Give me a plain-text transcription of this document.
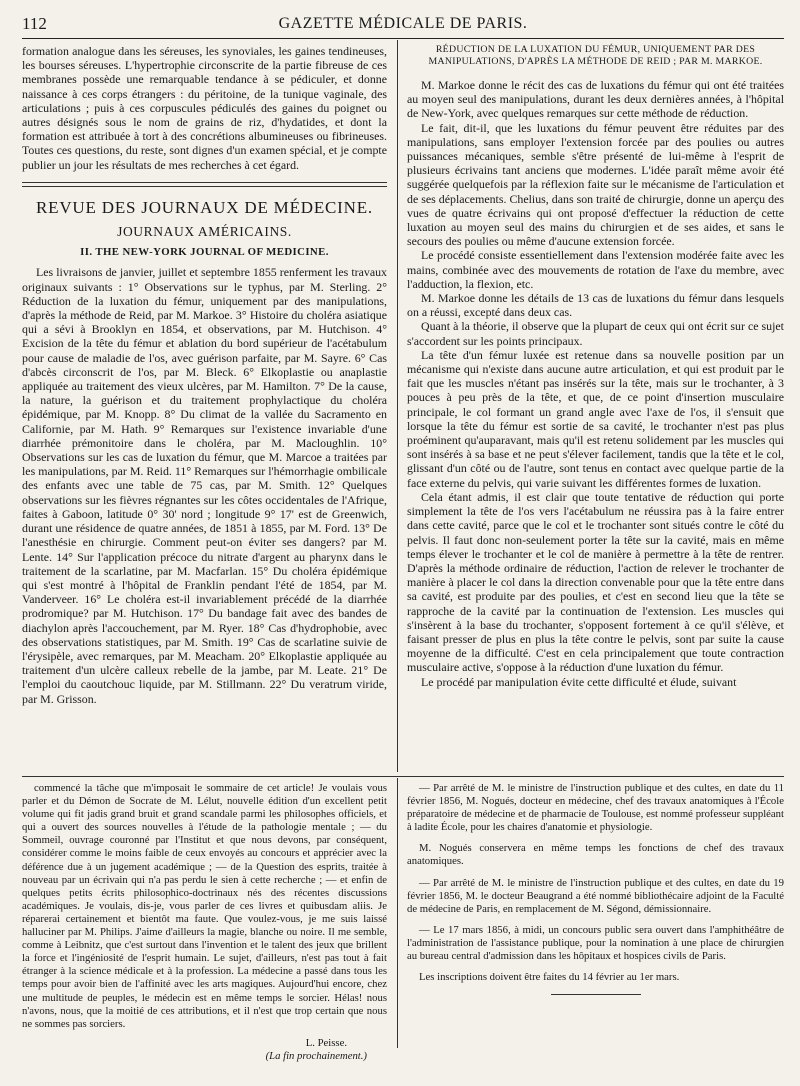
112	GAZETTE MÉDICALE DE PARIS.

formation analogue dans les séreuses, les synoviales, les gaines tendineuses, les bourses séreuses. L'hypertrophie circonscrite de la partie fibreuse de ces membranes possède une remarquable tendance à se pédiculer, et donne naissance à ces corps étrangers : du péritoine, de la tunique vaginale, des articulations ; puis à ces corpuscules pédiculés des gaines du poignet ou autres désignés sous le nom de grains de riz, d'hydatides, et dont la formation est attribuée à tort à des concrétions albumineuses ou fibrineuses. Toutes ces questions, du reste, sont dignes d'un examen spécial, et je compte publier un jour les résultats de mes recherches à cet égard.

REVUE DES JOURNAUX DE MÉDECINE.
JOURNAUX AMÉRICAINS.
II. THE NEW-YORK JOURNAL OF MEDICINE.

Les livraisons de janvier, juillet et septembre 1855 renferment les travaux originaux suivants : 1° Observations sur le typhus, par M. Sterling. 2° Réduction de la luxation du fémur, uniquement par des manipulations, d'après la méthode de Reid, par M. Markoe. 3° Histoire du choléra asiatique qui a sévi à Brooklyn en 1854, et observations, par M. Hutchison. 4° Excision de la tête du fémur et ablation du bord supérieur de l'acétabulum pour cause de maladie de l'os, avec guérison parfaite, par M. Sayre. 6° Cas d'abcès circonscrit de l'os, par M. Bleck. 6° Elkoplastie ou anaplastie appliquée au traitement des vieux ulcères, par M. Hamilton. 7° De la cause, la nature, la guérison et du traitement prophylactique du choléra épidémique, par M. Knopp. 8° Du climat de la vallée du Sacramento en Californie, par M. Hath. 9° Remarques sur l'existence invariable d'une diarrhée prémonitoire dans le choléra, par M. Macloughlin. 10° Observations sur les cas de luxation du fémur, que M. Marcoe a traitées par les manipulations, par M. Reid. 11° Remarques sur l'hémorrhagie ombilicale des enfants avec une table de 75 cas, par M. Smith. 12° Quelques observations sur les fièvres régnantes sur les côtes occidentales de l'Afrique, faites à Gaboon, latitude 0° 30' nord ; longitude 9° 17' est de Greenwich, durant une résidence de quatre années, de 1851 à 1855, par M. Ford. 13° De l'anesthésie en chirurgie. Comment peut-on éviter ses dangers? par M. Lente. 14° Sur l'application précoce du nitrate d'argent au pharynx dans le traitement de la scarlatine, par M. Macfarlan. 15° Du choléra épidémique qui s'est montré à l'hôpital de Franklin pendant l'été de 1854, par M. Vanderveer. 16° Le choléra est-il invariablement précédé de la diarrhée prodromique? par M. Hutchison. 17° Du bandage fait avec des bandes de diachylon après l'accouchement, par M. Ryer. 18° Cas d'hydrophobie, avec des observations statistiques, par M. Smith. 19° Cas de scarlatine suivie de l'érysipèle, avec remarques, par M. Meacham. 20° Elkoplastie appliquée au traitement d'un ulcère calleux rebelle de la jambe, par M. Leate. 21° De l'emploi du caoutchouc liquide, par M. Stillmann. 22° Du veratrum viride, par M. Grisson.

RÉDUCTION DE LA LUXATION DU FÉMUR, UNIQUEMENT PAR DES MANIPULATIONS, D'APRÈS LA MÉTHODE DE REID ; PAR M. MARKOE.

M. Markoe donne le récit des cas de luxations du fémur qui ont été traitées au moyen seul des manipulations, durant les deux dernières années, à l'hôpital de New-York, avec quelques remarques sur cette méthode de réduction.

Le fait, dit-il, que les luxations du fémur peuvent être réduites par des manipulations, sans employer l'extension forcée par des poulies ou autres puissances mécaniques, semble s'être présenté de lui-même à l'esprit de plusieurs écrivains tant anciens que modernes. L'idée paraît même avoir été suggérée quelquefois par la réflexion faite sur le mécanisme de l'articulation et de ses déplacements. Chelius, dans son traité de chirurgie, donne un aperçu des vues de quatre écrivains qui ont proposé d'effectuer la réduction de cette luxation au moyen seul des mains du chirurgien et de ses aides, et sans le secours des poulies ou même d'aucune extension forcée.

Le procédé consiste essentiellement dans l'extension modérée faite avec les mains, combinée avec des mouvements de rotation de l'axe du membre, avec l'adduction, la flexion, etc.

M. Markoe donne les détails de 13 cas de luxations du fémur dans lesquels on a réussi, excepté dans deux cas.

Quant à la théorie, il observe que la plupart de ceux qui ont écrit sur ce sujet s'accordent sur les points principaux.

La tête d'un fémur luxée est retenue dans sa nouvelle position par un mécanisme qui n'existe dans aucune autre articulation, et qui est produit par le fait que les muscles n'étant pas insérés sur la tête, mais sur le trochanter, à 3 pouces à peu près de la tête, et que, de ce point d'insertion musculaire principale, le col formant un grand angle avec l'axe de l'os, il s'ensuit que lorsque la tête du fémur est sortie de sa cavité, le trochanter n'est pas plus proéminent qu'auparavant, mais qu'il est retenu solidement par les muscles qui sont insérés à sa base et ne peut s'élever facilement, tandis que la tête et le col, glissant d'un côté ou de l'autre, sont tenus en contact avec quelque partie de la face externe du pelvis, qui varie suivant les différentes formes de luxation.

Cela étant admis, il est clair que toute tentative de réduction qui porte simplement la tête de l'os vers l'acétabulum ne réussira pas à la faire entrer dans cette cavité, parce que le col et le trochanter sont situés contre le côté du pelvis. Il faut donc non-seulement porter la tête sur la cavité, mais en même temps élever le trochanter et le col de manière à permettre à la tête de rentrer. D'après la méthode ordinaire de réduction, l'action de relever le trochanter de manière à placer le col dans la direction convenable pour que la tête entre dans sa cavité, est produite par des poulies, et c'est en second lieu que la tête se rapproche de la cavité par la continuation de l'extension. Les muscles qui s'insèrent à la base du trochanter, s'opposent fortement à ce qu'il s'élève, et faisant presser de plus en plus la tête contre le pelvis, sont par suite la cause moyenne de la difficulté. C'est en cela principalement que toute contraction musculaire active, s'oppose à la réduction d'une luxation du fémur.

Le procédé par manipulation évite cette difficulté et élude, suivant

commencé la tâche que m'imposait le sommaire de cet article! Je voulais vous parler et du Démon de Socrate de M. Lélut, nouvelle édition d'un excellent petit volume qui fit jadis grand bruit et grand scandale parmi les philosophes officiels, et qui a ouvert des sources nouvelles à l'étude de la pathologie mentale ; — du Sommeil, ouvrage couronné par l'Institut et que nous devons, par conséquent, considérer comme le moins faible de ceux envoyés au concours et apprécier avec la déférence due à un jugement académique ; — de la Question des esprits, traitée à nouveau par un écrivain qui n'a pas perdu le sien à cette recherche ; — et enfin de quelques petits écrits philosophico-doctrinaux nés des récentes discussions académiques. Je voulais, dis-je, vous parler de ces livres et quibusdam aliis. Je réparerai certainement et bientôt ma faute. Que voulez-vous, je me suis laissé halluciner par M. Philips. J'aime d'ailleurs la magie, blanche ou noire. Il me semble, comme à Leibnitz, que c'est surtout dans l'invention et le talent des jeux que brillent la force et l'ingéniosité de l'esprit humain. Le sujet, d'ailleurs, n'est pas tout à fait étranger à la science médicale et à la profession. La médecine a passé dans tous les temps pour avoir bien de l'affinité avec les arts magiques. Aujourd'hui encore, chez une multitude de peuples, le médecin est en même temps le sorcier. Hélas! nous n'avons, nous, que la moitié de ces attributions, et il n'est que trop certain que nous ne sommes pas sorciers.

L. Peisse.

(La fin prochainement.)

— Par arrêté de M. le ministre de l'instruction publique et des cultes, en date du 11 février 1856, M. Nogués, docteur en médecine, chef des travaux anatomiques à l'École préparatoire de médecine et de pharmacie de Toulouse, est nommé professeur suppléant à ladite École, pour les chaires d'anatomie et physiologie.

M. Nogués conservera en même temps les fonctions de chef des travaux anatomiques.

— Par arrêté de M. le ministre de l'instruction publique et des cultes, en date du 19 février 1856, M. le docteur Beaugrand a été nommé bibliothécaire adjoint de la Faculté de médecine de Paris, en remplacement de M. Ségond, démissionnaire.

— Le 17 mars 1856, à midi, un concours public sera ouvert dans l'amphithéâtre de l'administration de l'assistance publique, pour la nomination à une place de chirurgien au bureau central d'admission dans les hôpitaux et hospices civils de Paris.

Les inscriptions doivent être faites du 14 février au 1er mars.
